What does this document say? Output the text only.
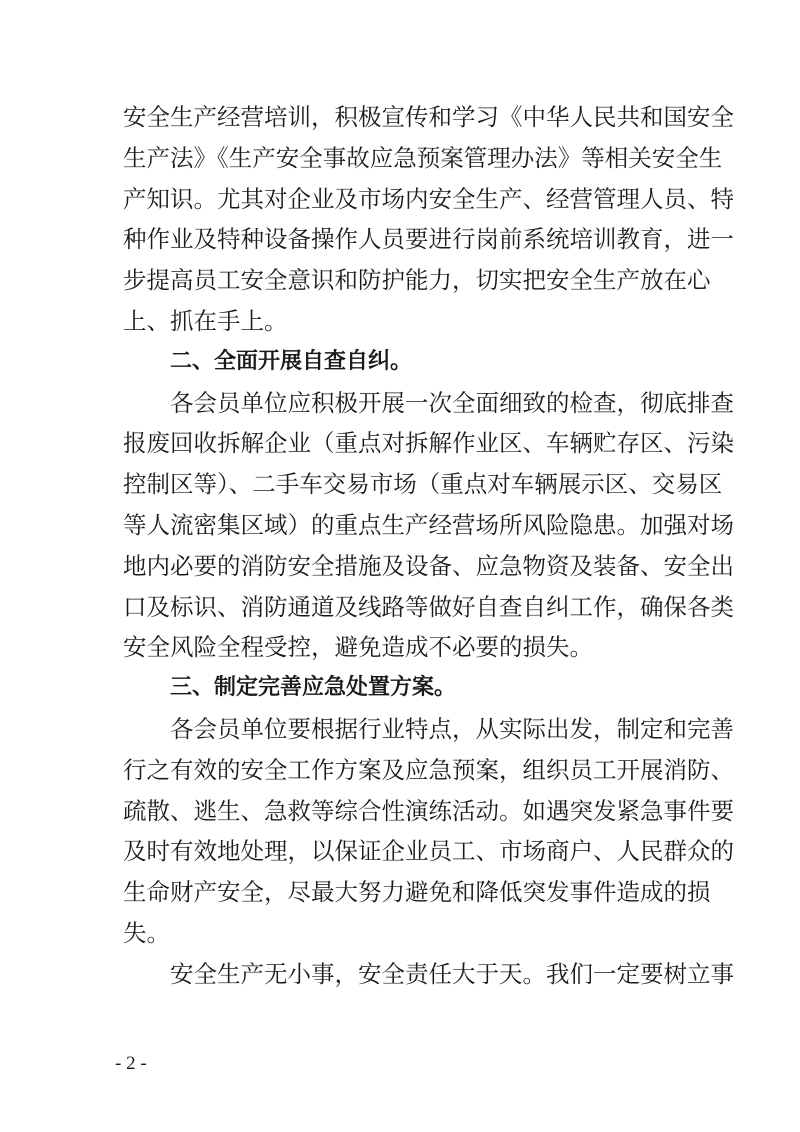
安全生产经营培训，积极宣传和学习《中华人民共和国安全
生产法》《生产安全事故应急预案管理办法》等相关安全生
产知识。尤其对企业及市场内安全生产、经营管理人员、特
种作业及特种设备操作人员要进行岗前系统培训教育，进一
步提高员工安全意识和防护能力，切实把安全生产放在心
上、抓在手上。
二、全面开展自查自纠。
各会员单位应积极开展一次全面细致的检查，彻底排查
报废回收拆解企业（重点对拆解作业区、车辆贮存区、污染
控制区等）、二手车交易市场（重点对车辆展示区、交易区
等人流密集区域）的重点生产经营场所风险隐患。加强对场
地内必要的消防安全措施及设备、应急物资及装备、安全出
口及标识、消防通道及线路等做好自查自纠工作，确保各类
安全风险全程受控，避免造成不必要的损失。
三、制定完善应急处置方案。
各会员单位要根据行业特点，从实际出发，制定和完善
行之有效的安全工作方案及应急预案，组织员工开展消防、
疏散、逃生、急救等综合性演练活动。如遇突发紧急事件要
及时有效地处理，以保证企业员工、市场商户、人民群众的
生命财产安全，尽最大努力避免和降低突发事件造成的损
失。
安全生产无小事，安全责任大于天。我们一定要树立事
- 2 -
